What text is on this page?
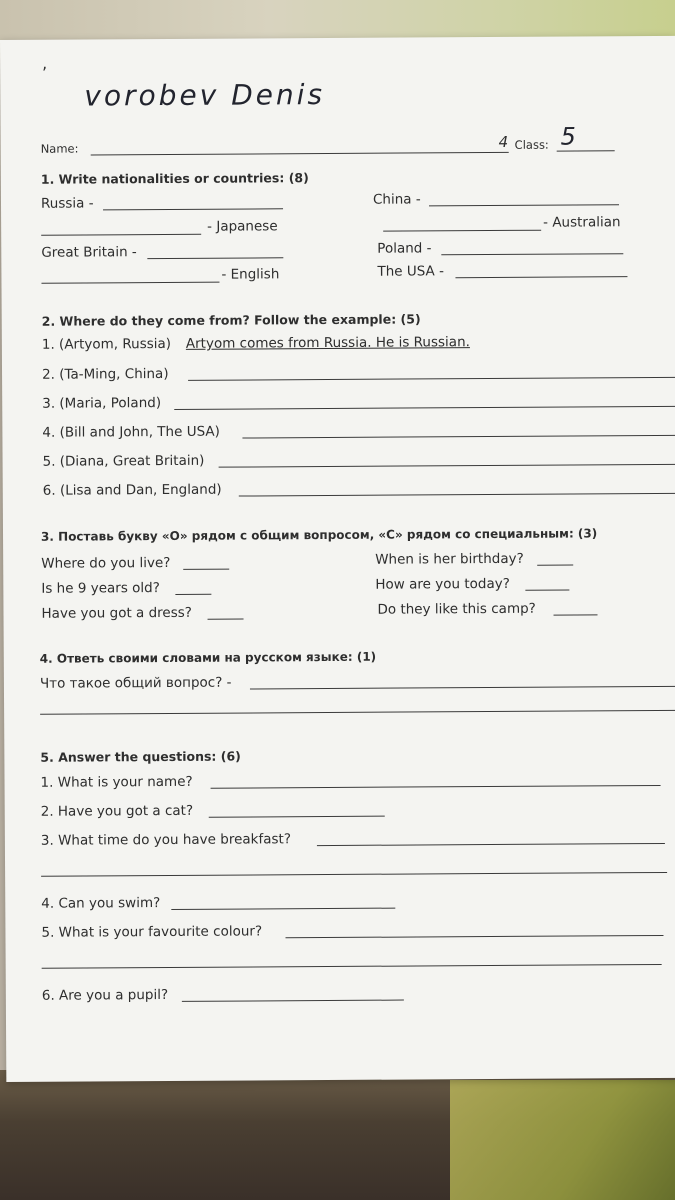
,
vorobev Denis
Name:	4 Class: 5
1. Write nationalities or countries: (8)
Russia -	China -
- Japanese	- Australian
Great Britain -	Poland -
- English	The USA -
2. Where do they come from? Follow the example: (5)
1. (Artyom, Russia) Artyom comes from Russia. He is Russian.
2. (Ta-Ming, China)
3. (Maria, Poland)
4. (Bill and John, The USA)
5. (Diana, Great Britain)
6. (Lisa and Dan, England)
3. Поставь букву «О» рядом с общим вопросом, «С» рядом со специальным: (3)
Where do you live?	When is her birthday?
Is he 9 years old?	How are you today?
Have you got a dress?	Do they like this camp?
4. Ответь своими словами на русском языке: (1)
Что такое общий вопрос? -
5. Answer the questions: (6)
1. What is your name?
2. Have you got a cat?
3. What time do you have breakfast?
4. Can you swim?
5. What is your favourite colour?
6. Are you a pupil?
